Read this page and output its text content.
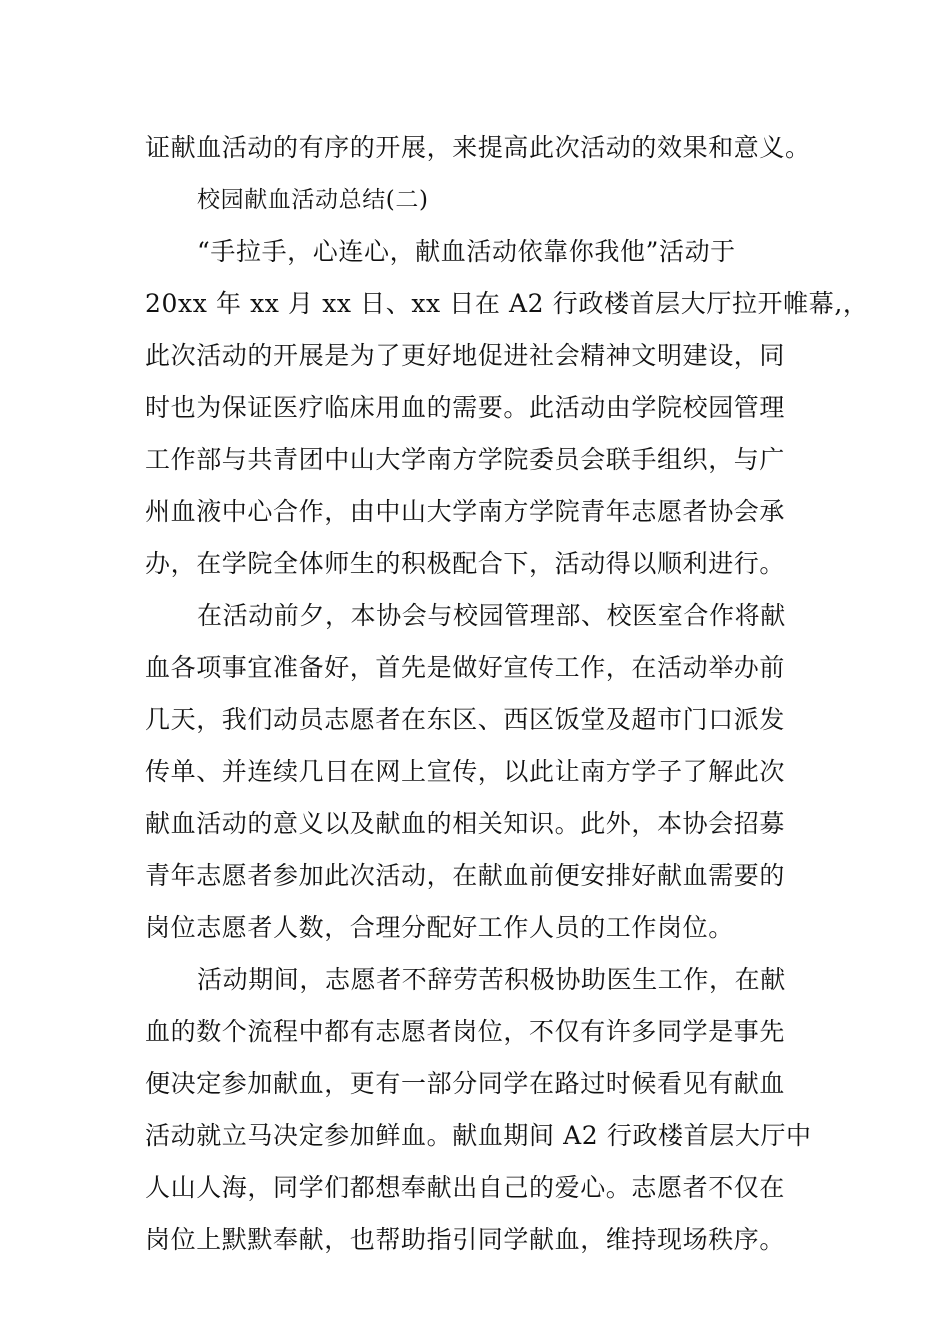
证献血活动的有序的开展，来提高此次活动的效果和意义。
校园献血活动总结(二)
“手拉手，心连心，献血活动依靠你我他”活动于
20xx 年 xx 月 xx 日、xx 日在 A2 行政楼首层大厅拉开帷幕,，
此次活动的开展是为了更好地促进社会精神文明建设，同
时也为保证医疗临床用血的需要。此活动由学院校园管理
工作部与共青团中山大学南方学院委员会联手组织，与广
州血液中心合作，由中山大学南方学院青年志愿者协会承
办，在学院全体师生的积极配合下，活动得以顺利进行。
在活动前夕，本协会与校园管理部、校医室合作将献
血各项事宜准备好，首先是做好宣传工作，在活动举办前
几天，我们动员志愿者在东区、西区饭堂及超市门口派发
传单、并连续几日在网上宣传，以此让南方学子了解此次
献血活动的意义以及献血的相关知识。此外，本协会招募
青年志愿者参加此次活动，在献血前便安排好献血需要的
岗位志愿者人数，合理分配好工作人员的工作岗位。
活动期间，志愿者不辞劳苦积极协助医生工作，在献
血的数个流程中都有志愿者岗位，不仅有许多同学是事先
便决定参加献血，更有一部分同学在路过时候看见有献血
活动就立马决定参加鲜血。献血期间 A2 行政楼首层大厅中
人山人海，同学们都想奉献出自己的爱心。志愿者不仅在
岗位上默默奉献，也帮助指引同学献血，维持现场秩序。
